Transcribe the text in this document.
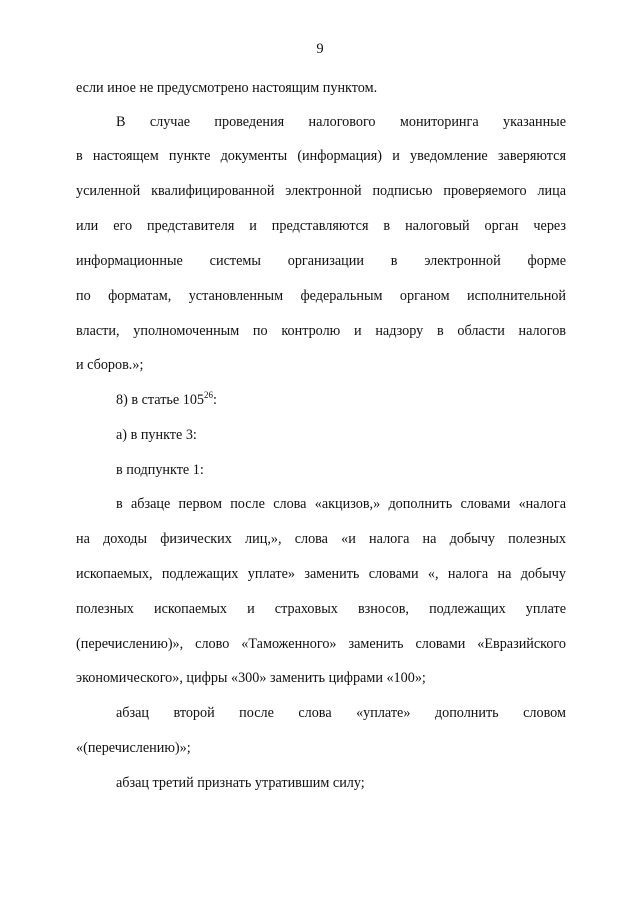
9
если иное не предусмотрено настоящим пунктом.
В случае проведения налогового мониторинга указанные
в настоящем пункте документы (информация) и уведомление заверяются
усиленной квалифицированной электронной подписью проверяемого лица
или его представителя и представляются в налоговый орган через
информационные системы организации в электронной форме
по форматам, установленным федеральным органом исполнительной
власти, уполномоченным по контролю и надзору в области налогов
и сборов.»;
8) в статье $105^{26}$:
а) в пункте 3:
в подпункте 1:
в абзаце первом после слова «акцизов,» дополнить словами «налога
на доходы физических лиц,», слова «и налога на добычу полезных
ископаемых, подлежащих уплате» заменить словами «, налога на добычу
полезных ископаемых и страховых взносов, подлежащих уплате
(перечислению)», слово «Таможенного» заменить словами «Евразийского
экономического», цифры «300» заменить цифрами «100»;
абзац второй после слова «уплате» дополнить словом
«(перечислению)»;
абзац третий признать утратившим силу;
